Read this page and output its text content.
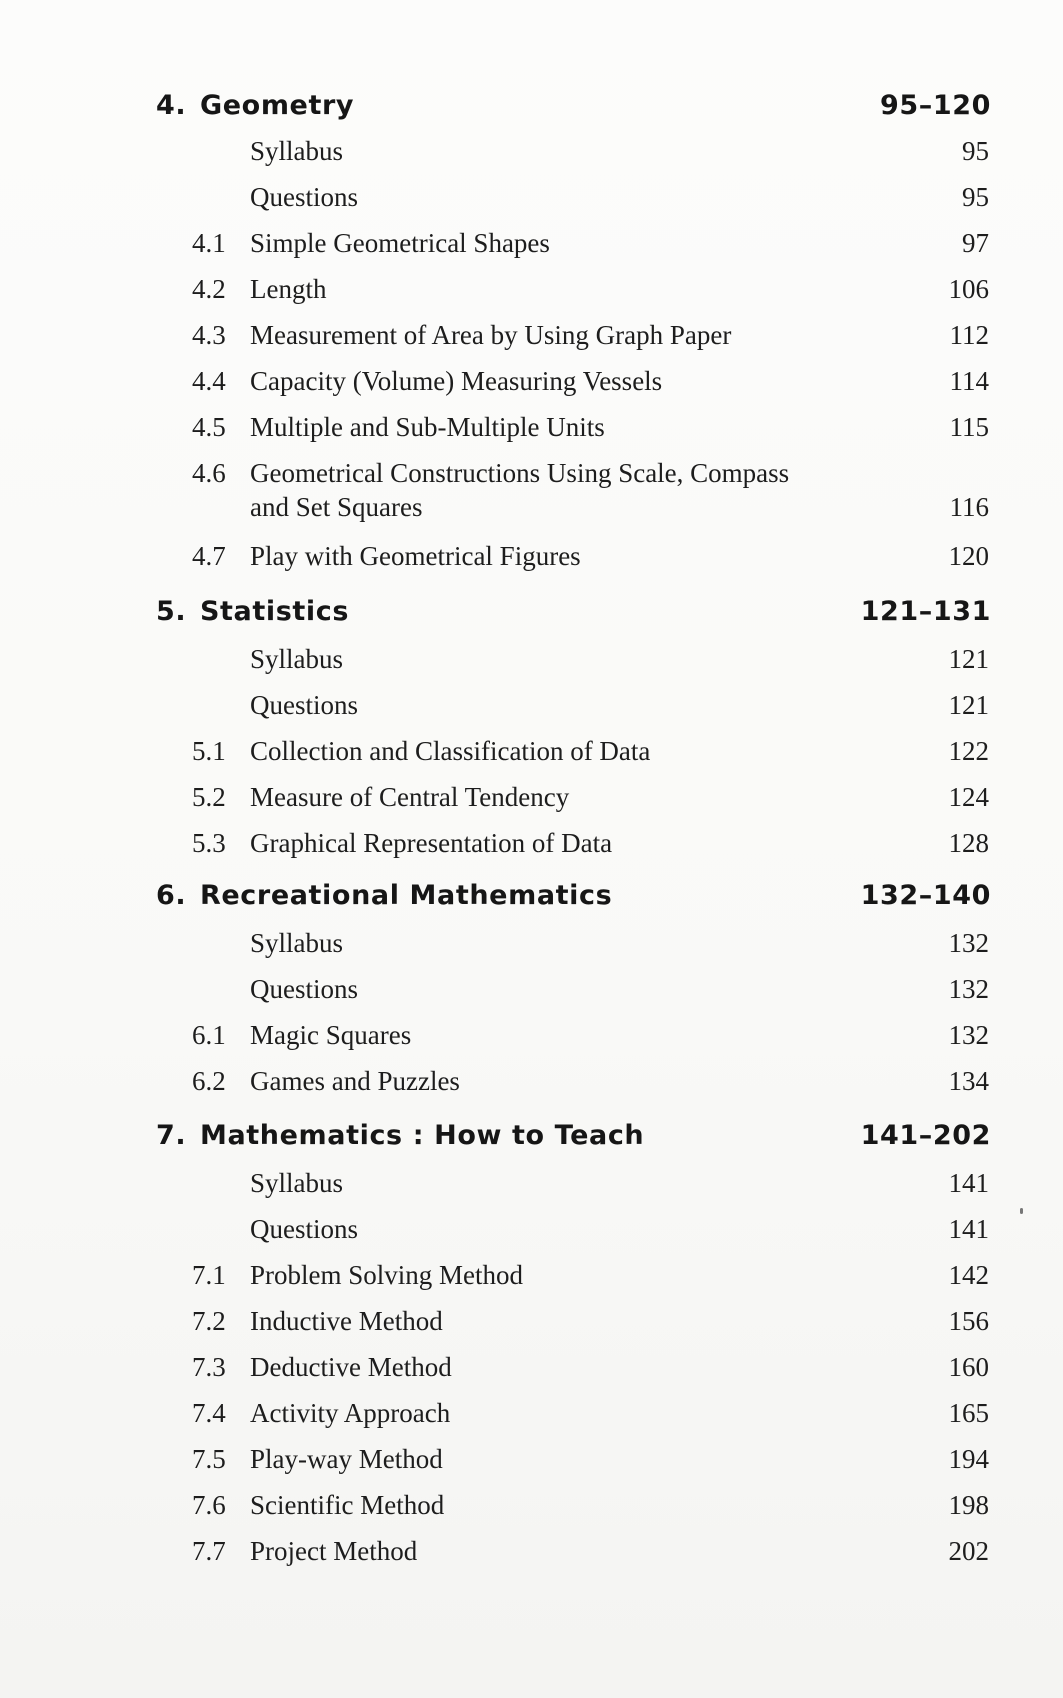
4. Geometry	95–120
Syllabus	95
Questions	95
4.1 Simple Geometrical Shapes	97
4.2 Length	106
4.3 Measurement of Area by Using Graph Paper	112
4.4 Capacity (Volume) Measuring Vessels	114
4.5 Multiple and Sub-Multiple Units	115
4.6 Geometrical Constructions Using Scale, Compass
and Set Squares	116
4.7 Play with Geometrical Figures	120
5. Statistics	121–131
Syllabus	121
Questions	121
5.1 Collection and Classification of Data	122
5.2 Measure of Central Tendency	124
5.3 Graphical Representation of Data	128
6. Recreational Mathematics	132–140
Syllabus	132
Questions	132
6.1 Magic Squares	132
6.2 Games and Puzzles	134
7. Mathematics : How to Teach	141–202
Syllabus	141
Questions	141
7.1 Problem Solving Method	142
7.2 Inductive Method	156
7.3 Deductive Method	160
7.4 Activity Approach	165
7.5 Play-way Method	194
7.6 Scientific Method	198
7.7 Project Method	202
